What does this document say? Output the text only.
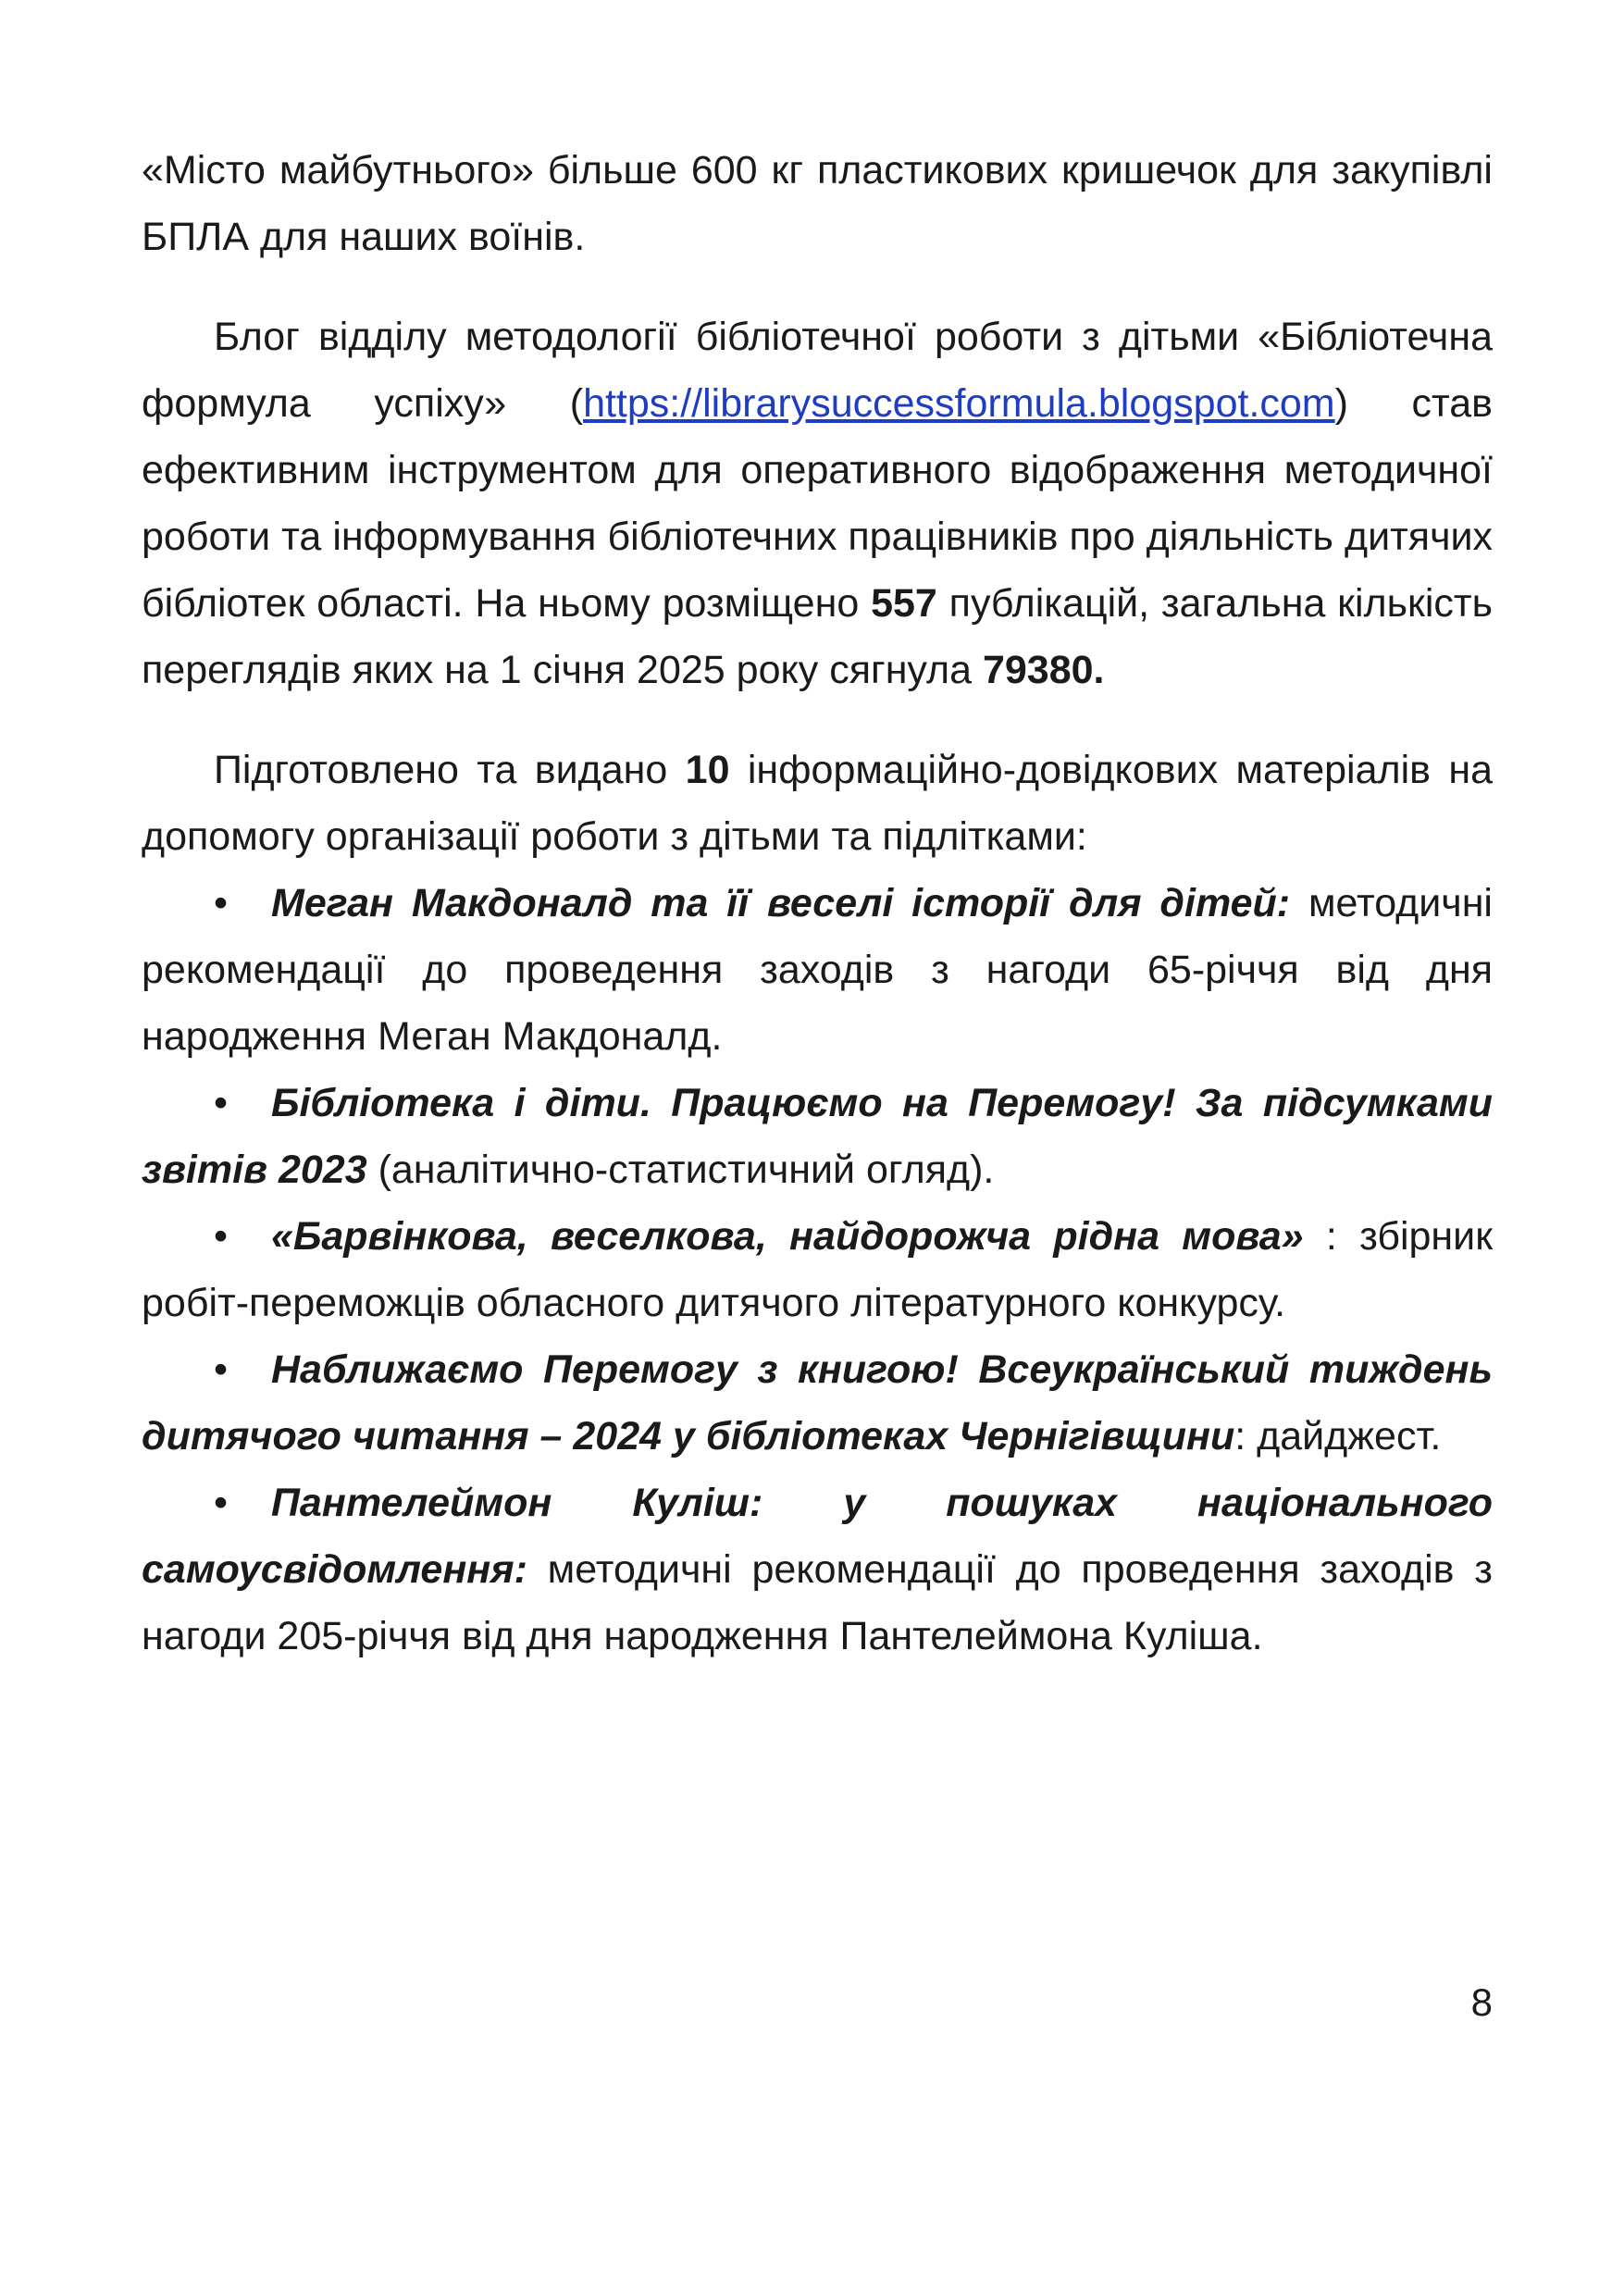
«Місто майбутнього» більше 600 кг пластикових кришечок для закупівлі БПЛА для наших воїнів.

Блог відділу методології бібліотечної роботи з дітьми «Бібліотечна формула успіху» (https://librarysuccessformula.blogspot.com) став ефективним інструментом для оперативного відображення методичної роботи та інформування бібліотечних працівників про діяльність дитячих бібліотек області. На ньому розміщено 557 публікацій, загальна кількість переглядів яких на 1 січня 2025 року сягнула 79380.

Підготовлено та видано 10 інформаційно-довідкових матеріалів на допомогу організації роботи з дітьми та підлітками:

• Меган Макдоналд та її веселі історії для дітей: методичні рекомендації до проведення заходів з нагоди 65-річчя від дня народження Меган Макдоналд.

• Бібліотека і діти. Працюємо на Перемогу! За підсумками звітів 2023 (аналітично-статистичний огляд).

• «Барвінкова, веселкова, найдорожча рідна мова» : збірник робіт-переможців обласного дитячого літературного конкурсу.

• Наближаємо Перемогу з книгою! Всеукраїнський тиждень дитячого читання – 2024 у бібліотеках Чернігівщини: дайджест.

• Пантелеймон Куліш: у пошуках національного самоусвідомлення: методичні рекомендації до проведення заходів з нагоди 205-річчя від дня народження Пантелеймона Куліша.

8
